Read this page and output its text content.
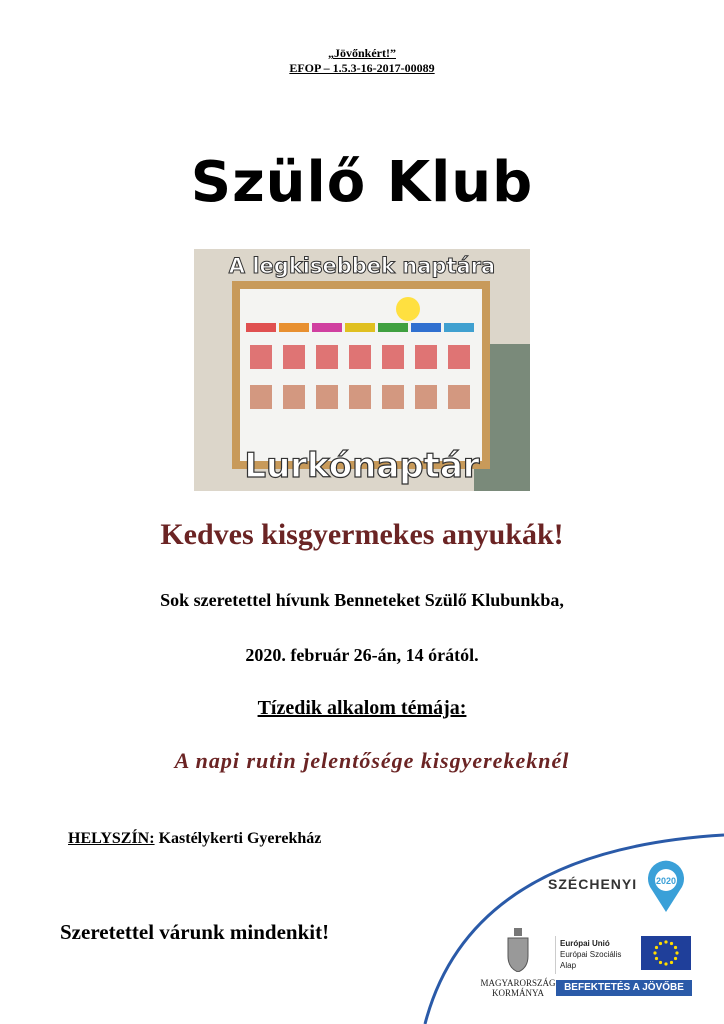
„Jövőnkért!”
EFOP – 1.5.3-16-2017-00089
Szülő Klub
A legkisebbek naptára
Lurkónaptár
Kedves kisgyermekes anyukák!
Sok szeretettel hívunk Benneteket Szülő Klubunkba,
2020. február 26-án, 14 órától.
Tízedik alkalom témája:
A napi rutin jelentősége kisgyerekeknél
HELYSZÍN: Kastélykerti Gyerekház
Szeretettel várunk mindenkit!
SZÉCHENYI 2020
MAGYARORSZÁG
KORMÁNYA
Európai Unió
Európai Szociális
Alap
BEFEKTETÉS A JÖVŐBE
